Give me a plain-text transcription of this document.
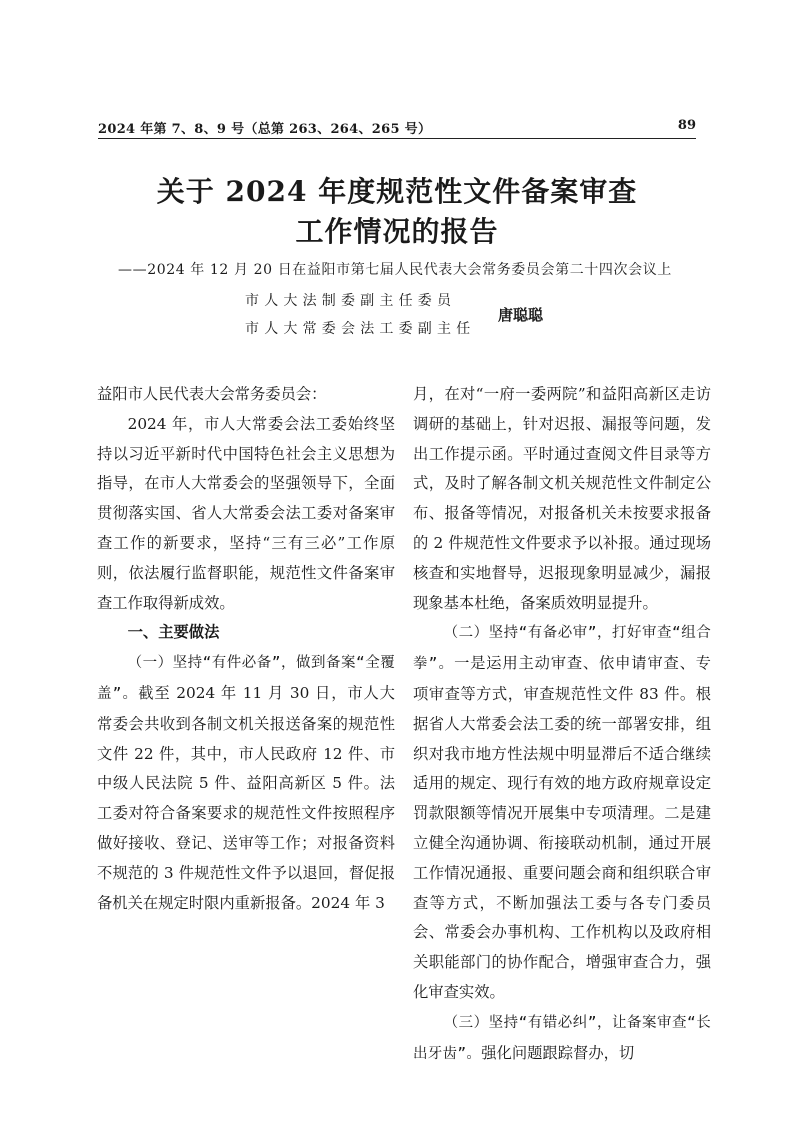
2024 年第 7、8、9 号（总第 263、264、265 号）	89
关于 2024 年度规范性文件备案审查
工作情况的报告
——2024 年 12 月 20 日在益阳市第七届人民代表大会常务委员会第二十四次会议上
市人大法制委副主任委员
市人大常委会法工委副主任
唐聪聪

益阳市人民代表大会常务委员会：

2024 年，市人大常委会法工委始终坚持以习近平新时代中国特色社会主义思想为指导，在市人大常委会的坚强领导下，全面贯彻落实国、省人大常委会法工委对备案审查工作的新要求，坚持“三有三必”工作原则，依法履行监督职能，规范性文件备案审查工作取得新成效。

一、主要做法

（一）坚持“有件必备”，做到备案“全覆盖”。截至 2024 年 11 月 30 日，市人大常委会共收到各制文机关报送备案的规范性文件 22 件，其中，市人民政府 12 件、市中级人民法院 5 件、益阳高新区 5 件。法工委对符合备案要求的规范性文件按照程序做好接收、登记、送审等工作；对报备资料不规范的 3 件规范性文件予以退回，督促报备机关在规定时限内重新报备。2024 年 3

月，在对“一府一委两院”和益阳高新区走访调研的基础上，针对迟报、漏报等问题，发出工作提示函。平时通过查阅文件目录等方式，及时了解各制文机关规范性文件制定公布、报备等情况，对报备机关未按要求报备的 2 件规范性文件要求予以补报。通过现场核查和实地督导，迟报现象明显减少，漏报现象基本杜绝，备案质效明显提升。

（二）坚持“有备必审”，打好审查“组合拳”。一是运用主动审查、依申请审查、专项审查等方式，审查规范性文件 83 件。根据省人大常委会法工委的统一部署安排，组织对我市地方性法规中明显滞后不适合继续适用的规定、现行有效的地方政府规章设定罚款限额等情况开展集中专项清理。二是建立健全沟通协调、衔接联动机制，通过开展工作情况通报、重要问题会商和组织联合审查等方式，不断加强法工委与各专门委员会、常委会办事机构、工作机构以及政府相关职能部门的协作配合，增强审查合力，强化审查实效。

（三）坚持“有错必纠”，让备案审查“长出牙齿”。强化问题跟踪督办，切
